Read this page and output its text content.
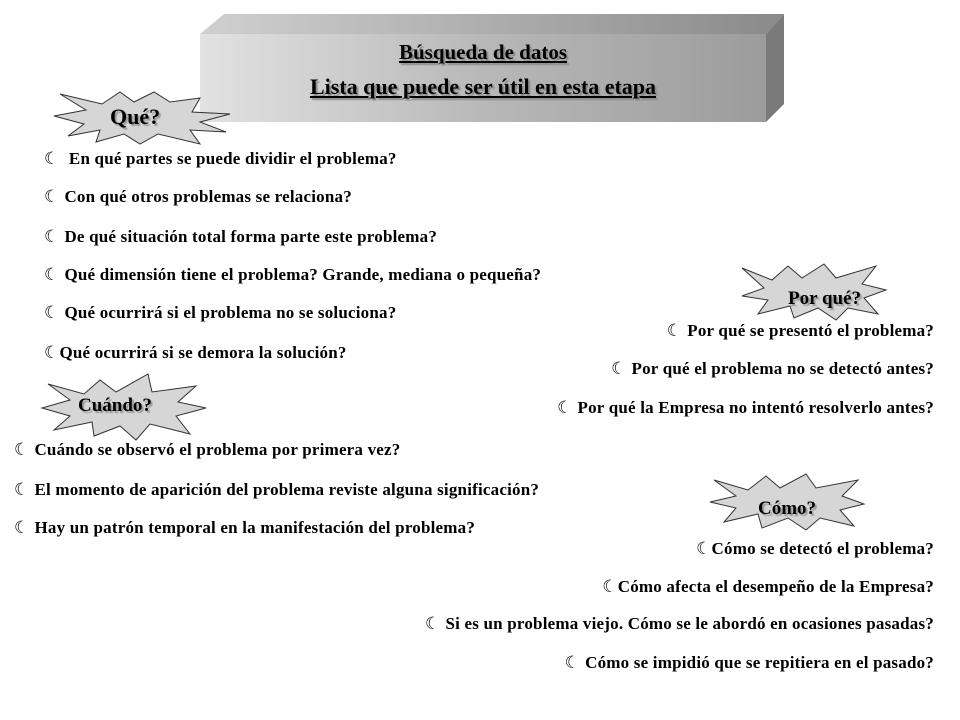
Búsqueda de datos
Lista que puede ser útil en esta etapa
Qué?
☾ En qué partes se puede dividir el problema?
☾ Con qué otros problemas se relaciona?
☾ De qué situación total forma parte este problema?
☾ Qué dimensión tiene el problema? Grande, mediana o pequeña?
☾ Qué ocurrirá si el problema no se soluciona?
☾Qué ocurrirá si se demora la solución?
Por qué?
☾ Por qué se presentó el problema?
☾ Por qué el problema no se detectó antes?
☾ Por qué la Empresa no intentó resolverlo antes?
Cuándo?
☾ Cuándo se observó el problema por primera vez?
☾ El momento de aparición del problema reviste alguna significación?
☾ Hay un patrón temporal en la manifestación del problema?
Cómo?
☾Cómo se detectó el problema?
☾Cómo afecta el desempeño de la Empresa?
☾ Si es un problema viejo. Cómo se le abordó en ocasiones pasadas?
☾ Cómo se impidió que se repitiera en el pasado?
